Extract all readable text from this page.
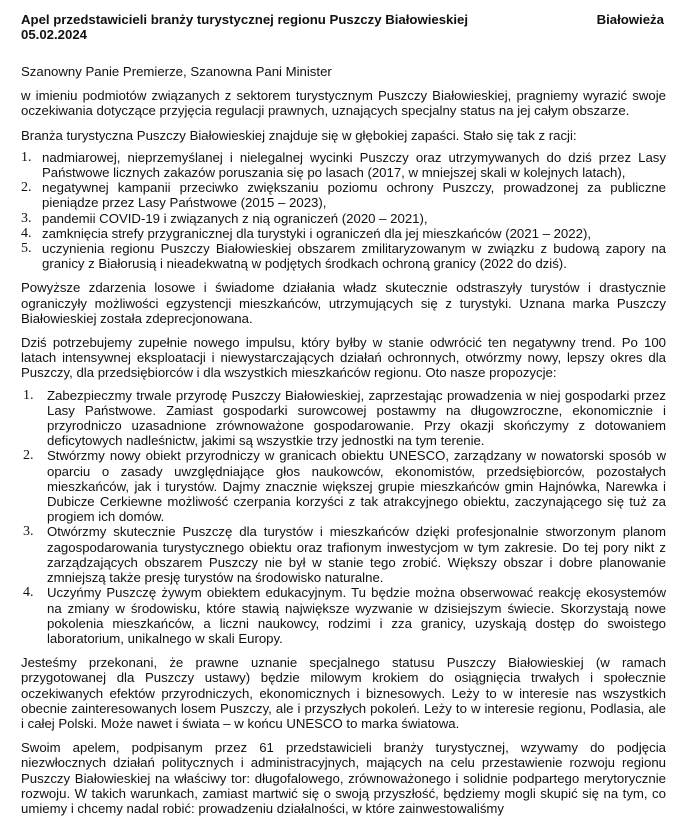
Apel przedstawicieli branży turystycznej regionu Puszczy Białowieskiej
05.02.2024
Białowieża

Szanowny Panie Premierze, Szanowna Pani Minister

w imieniu podmiotów związanych z sektorem turystycznym Puszczy Białowieskiej, pragniemy wyrazić swoje oczekiwania dotyczące przyjęcia regulacji prawnych, uznających specjalny status na jej całym obszarze.

Branża turystyczna Puszczy Białowieskiej znajduje się w głębokiej zapaści. Stało się tak z racji:

1. nadmiarowej, nieprzemyślanej i nielegalnej wycinki Puszczy oraz utrzymywanych do dziś przez Lasy Państwowe licznych zakazów poruszania się po lasach (2017, w mniejszej skali w kolejnych latach),
2. negatywnej kampanii przeciwko zwiększaniu poziomu ochrony Puszczy, prowadzonej za publiczne pieniądze przez Lasy Państwowe (2015 – 2023),
3. pandemii COVID-19 i związanych z nią ograniczeń (2020 – 2021),
4. zamknięcia strefy przygranicznej dla turystyki i ograniczeń dla jej mieszkańców (2021 – 2022),
5. uczynienia regionu Puszczy Białowieskiej obszarem zmilitaryzowanym w związku z budową zapory na granicy z Białorusią i nieadekwatną w podjętych środkach ochroną granicy (2022 do dziś).

Powyższe zdarzenia losowe i świadome działania władz skutecznie odstraszyły turystów i drastycznie ograniczyły możliwości egzystencji mieszkańców, utrzymujących się z turystyki. Uznana marka Puszczy Białowieskiej została zdeprecjonowana.

Dziś potrzebujemy zupełnie nowego impulsu, który byłby w stanie odwrócić ten negatywny trend. Po 100 latach intensywnej eksploatacji i niewystarczających działań ochronnych, otwórzmy nowy, lepszy okres dla Puszczy, dla przedsiębiorców i dla wszystkich mieszkańców regionu. Oto nasze propozycje:

1. Zabezpieczmy trwale przyrodę Puszczy Białowieskiej, zaprzestając prowadzenia w niej gospodarki przez Lasy Państwowe. Zamiast gospodarki surowcowej postawmy na długowzroczne, ekonomicznie i przyrodniczo uzasadnione zrównoważone gospodarowanie. Przy okazji skończymy z dotowaniem deficytowych nadleśnictw, jakimi są wszystkie trzy jednostki na tym terenie.
2. Stwórzmy nowy obiekt przyrodniczy w granicach obiektu UNESCO, zarządzany w nowatorski sposób w oparciu o zasady uwzględniające głos naukowców, ekonomistów, przedsiębiorców, pozostałych mieszkańców, jak i turystów. Dajmy znacznie większej grupie mieszkańców gmin Hajnówka, Narewka i Dubicze Cerkiewne możliwość czerpania korzyści z tak atrakcyjnego obiektu, zaczynającego się tuż za progiem ich domów.
3. Otwórzmy skutecznie Puszczę dla turystów i mieszkańców dzięki profesjonalnie stworzonym planom zagospodarowania turystycznego obiektu oraz trafionym inwestycjom w tym zakresie. Do tej pory nikt z zarządzających obszarem Puszczy nie był w stanie tego zrobić. Większy obszar i dobre planowanie zmniejszą także presję turystów na środowisko naturalne.
4. Uczyńmy Puszczę żywym obiektem edukacyjnym. Tu będzie można obserwować reakcję ekosystemów na zmiany w środowisku, które stawią największe wyzwanie w dzisiejszym świecie. Skorzystają nowe pokolenia mieszkańców, a liczni naukowcy, rodzimi i zza granicy, uzyskają dostęp do swoistego laboratorium, unikalnego w skali Europy.

Jesteśmy przekonani, że prawne uznanie specjalnego statusu Puszczy Białowieskiej (w ramach przygotowanej dla Puszczy ustawy) będzie milowym krokiem do osiągnięcia trwałych i społecznie oczekiwanych efektów przyrodniczych, ekonomicznych i biznesowych. Leży to w interesie nas wszystkich obecnie zainteresowanych losem Puszczy, ale i przyszłych pokoleń. Leży to w interesie regionu, Podlasia, ale i całej Polski. Może nawet i świata – w końcu UNESCO to marka światowa.

Swoim apelem, podpisanym przez 61 przedstawicieli branży turystycznej, wzywamy do podjęcia niezwłocznych działań politycznych i administracyjnych, mających na celu przestawienie rozwoju regionu Puszczy Białowieskiej na właściwy tor: długofalowego, zrównoważonego i solidnie podpartego merytorycznie rozwoju. W takich warunkach, zamiast martwić się o swoją przyszłość, będziemy mogli skupić się na tym, co umiemy i chcemy nadal robić: prowadzeniu działalności, w które zainwestowaliśmy
